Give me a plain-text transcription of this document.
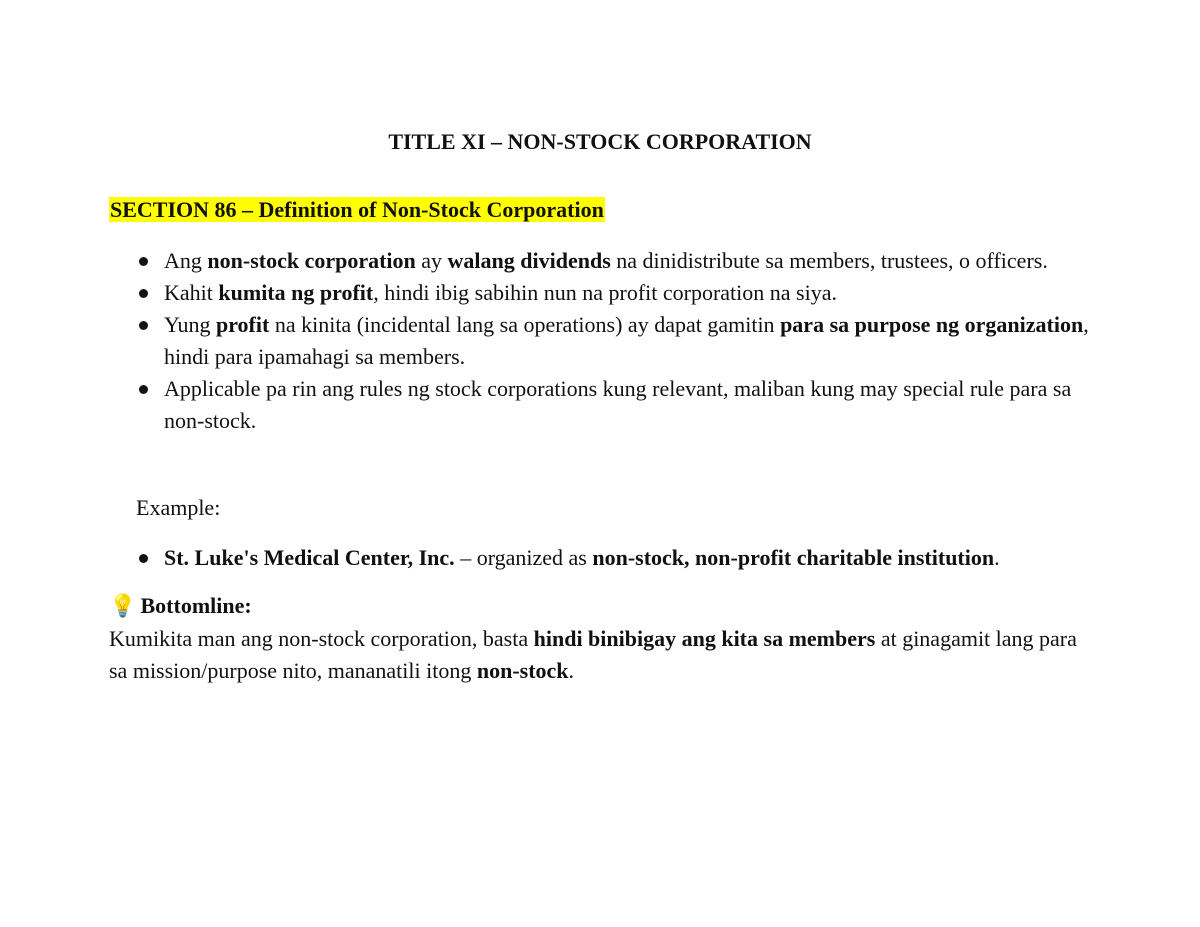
TITLE XI – NON-STOCK CORPORATION
SECTION 86 – Definition of Non-Stock Corporation
Ang non-stock corporation ay walang dividends na dinidistribute sa members, trustees, o officers.
Kahit kumita ng profit, hindi ibig sabihin nun na profit corporation na siya.
Yung profit na kinita (incidental lang sa operations) ay dapat gamitin para sa purpose ng organization, hindi para ipamahagi sa members.
Applicable pa rin ang rules ng stock corporations kung relevant, maliban kung may special rule para sa non-stock.
Example:
St. Luke's Medical Center, Inc. – organized as non-stock, non-profit charitable institution.
💡 Bottomline:
Kumikita man ang non-stock corporation, basta hindi binibigay ang kita sa members at ginagamit lang para sa mission/purpose nito, mananatili itong non-stock.
